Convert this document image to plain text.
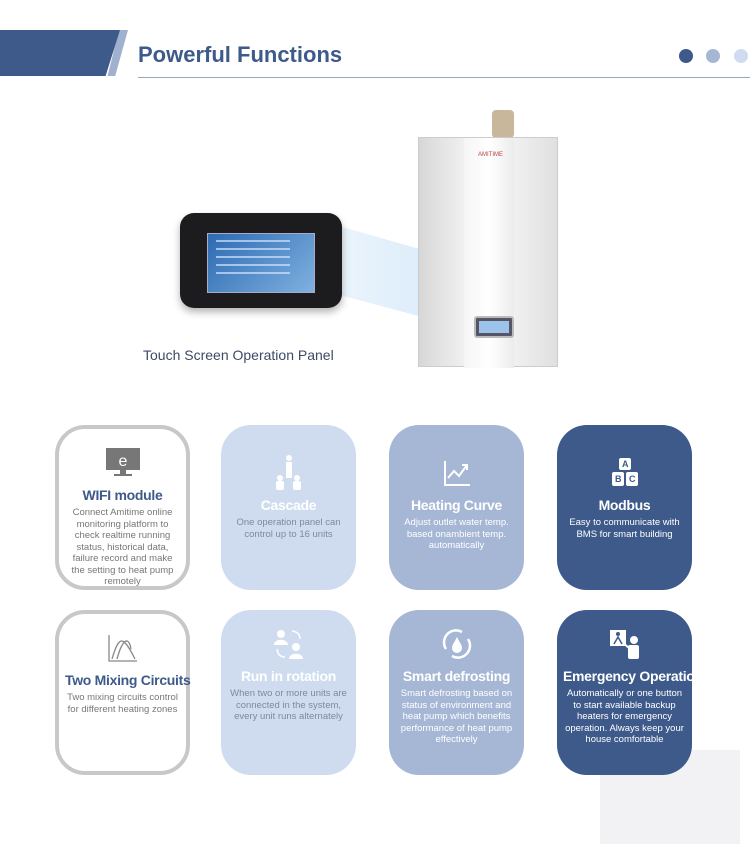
Powerful Functions
AMITIME
Touch Screen Operation Panel
e
WIFI module

Connect Amitime online monitoring platform to check realtime running status, historical data, failure record and make the setting to heat pump remotely

Cascade

One operation panel can control up to 16 units

Heating Curve

Adjust outlet water temp. based onambient temp. automatically

A
B C
Modbus

Easy to communicate with BMS for smart building

Two Mixing Circuits

Two mixing circuits control for different heating zones

Run in rotation

When two or more units are connected in the system, every unit runs alternately

Smart defrosting

Smart defrosting based on status of environment and heat pump which benefits performance of heat pump effectively

Emergency Operation

Automatically or one button to start available backup heaters for emergency operation. Always keep your house comfortable
